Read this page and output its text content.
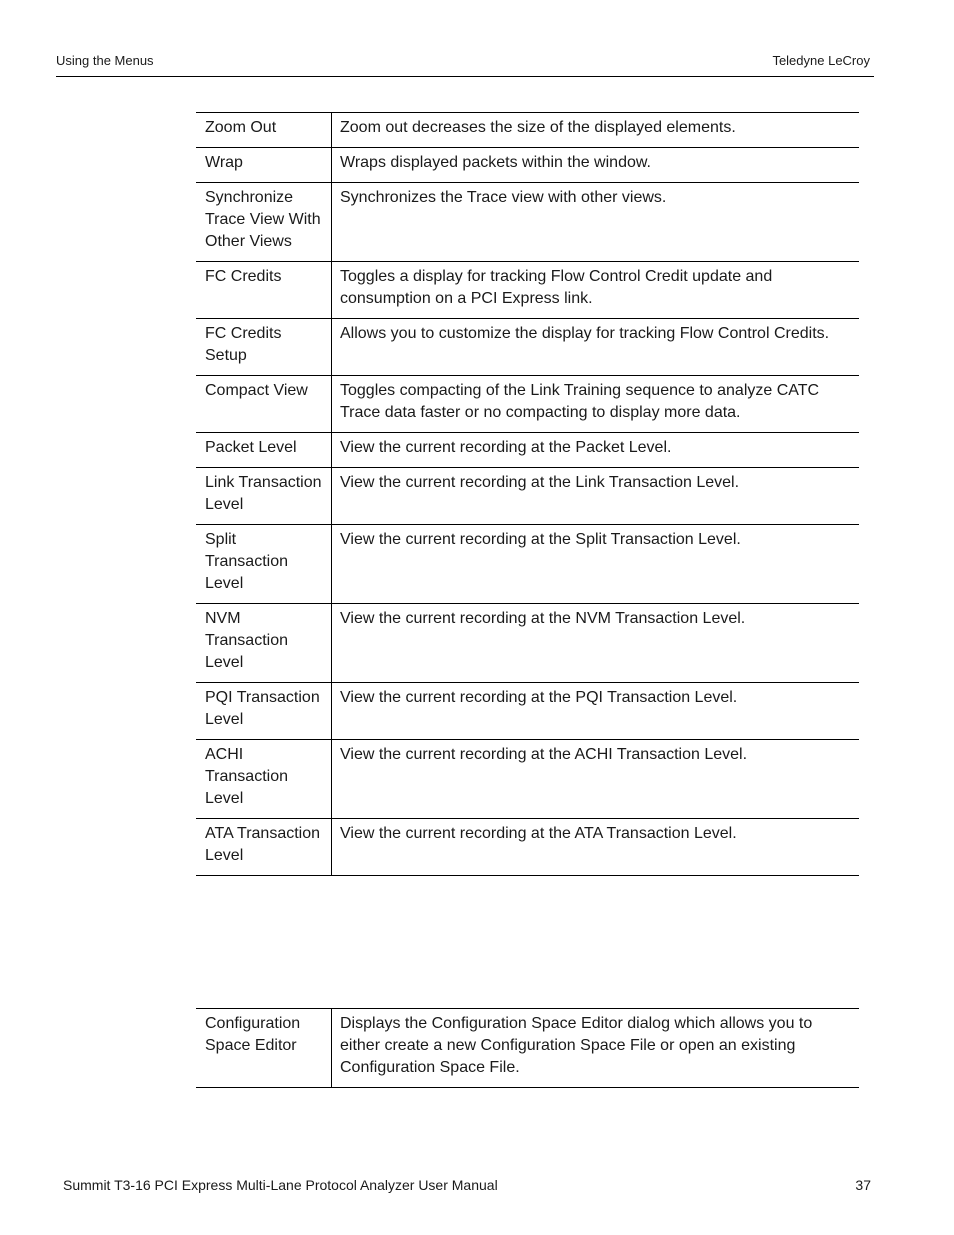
Using the Menus	Teledyne LeCroy
Zoom Out	Zoom out decreases the size of the displayed elements.
Wrap	Wraps displayed packets within the window.
Synchronize Trace View With Other Views	Synchronizes the Trace view with other views.
FC Credits	Toggles a display for tracking Flow Control Credit update and consumption on a PCI Express link.
FC Credits Setup	Allows you to customize the display for tracking Flow Control Credits.
Compact View	Toggles compacting of the Link Training sequence to analyze CATC Trace data faster or no compacting to display more data.
Packet Level	View the current recording at the Packet Level.
Link Transaction Level	View the current recording at the Link Transaction Level.
Split Transaction Level	View the current recording at the Split Transaction Level.
NVM Transaction Level	View the current recording at the NVM Transaction Level.
PQI Transaction Level	View the current recording at the PQI Transaction Level.
ACHI Transaction Level	View the current recording at the ACHI Transaction Level.
ATA Transaction Level	View the current recording at the ATA Transaction Level.
Configuration Space Editor	Displays the Configuration Space Editor dialog which allows you to either create a new Configuration Space File or open an existing Configuration Space File.
Summit T3-16 PCI Express Multi-Lane Protocol Analyzer User Manual	37
